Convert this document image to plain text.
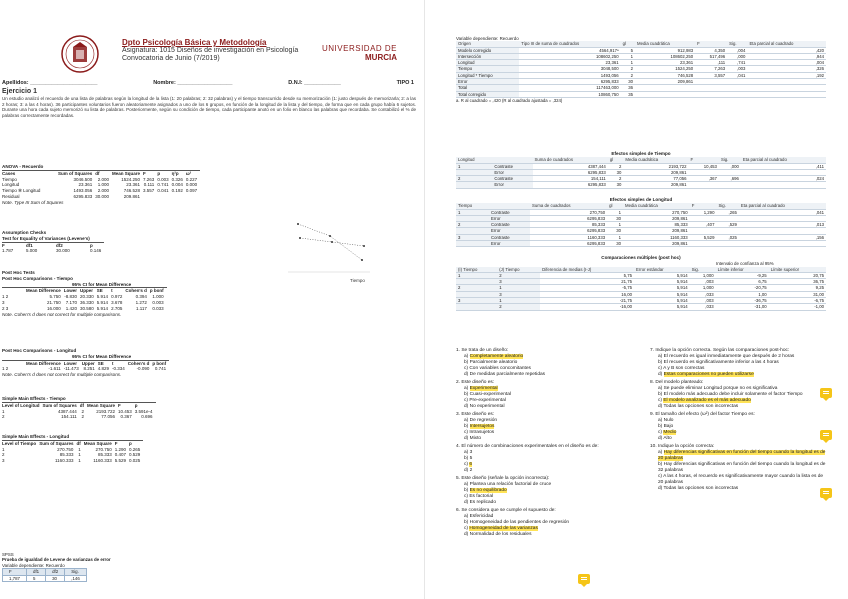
Dpto Psicología Básica y Metodología
Asignatura: 1015 Diseños de investigación en Psicología
Convocatoria de Junio (7/2019)
UNIVERSIDAD DE
MURCIA
Apellidos: ______________________	Nombre: __________________	D.N.I: ____________	TIPO 1
Ejercicio 1
Un estudio analizó el recuerdo de una lista de palabras según la longitud de la lista (1: 20 palabras; 2: 32 palabras) y el tiempo transcurrido desde su memorización (1: justo después de memorizarla; 2: a las 2 horas; 3: a las 4 horas). 36 participantes voluntarios fueron aleatoriamente asignados a uno de los 6 grupos, en función de la longitud de la lista y del tiempo, de forma que en cada grupo había 6 sujetos. Durante una hora cada sujeto memorizó su lista de palabras. Posteriormente, según su condición de tiempo, cada participante anotó en un folio en blanco las palabras que recordaba. Se contabilizó el % de palabras correctamente recordadas.
ANOVA - Recuerdo
Cases	Sum of Squares	df	Mean Square	F	p	η²p	ω²
Tiempo	3046.500	2.000	1524.250	7.263	0.003	0.326	0.227
Longitud	23.361	1.000	23.361	0.111	0.741	0.004	0.000
Tiempo ✻ Longitud	1493.056	2.000	746.528	3.557	0.041	0.192	0.097
Residual	6295.833	30.000	209.861				
Note. Type III Sum of Squares
Assumption Checks
Test for Equality of Variances (Levene's)
F	df1	df2	p
1.787	5.000	30.000	0.146
Post Hoc Tests
Post Hoc Comparisons - Tiempo
95% CI for Mean Difference
	Mean Difference	Lower	Upper	SE	t	Cohen's d	p bonf
1 2	5.750	-8.830	20.330	5.914	0.972	0.394	1.000
3	21.750	7.170	36.330	5.914	3.678	1.272	0.003
2 3	16.000	1.420	30.580	5.914	2.705	1.117	0.033
Note. Cohen's d does not correct for multiple comparisons.
Post Hoc Comparisons - Longitud
95% CI for Mean Difference
	Mean Difference	Lower	Upper	SE	t	Cohen's d	p bonf
1 2	-1.611	-11.473	8.251	4.829	-0.334	-0.090	0.741
Note. Cohen's d does not correct for multiple comparisons.
Simple Main Effects - Tiempo
Level of Longitud	Sum of Squares	df	Mean Square	F	p
1	4387.444	2	2193.722	10.453	3.591e-4
2	154.111	2	77.056	0.367	0.696
Simple Main Effects - Longitud
Level of Tiempo	Sum of Squares	df	Mean Square	F	p
1	270.750	1	270.750	1.290	0.265
2	85.333	1	85.333	0.407	0.529
3	1160.333	1	1160.333	5.529	0.025
Tiempo
SPSS
Prueba de igualdad de Levene de varianzas de error
Variable dependiente: Recuerdo
F	df1	df2	Sig.
1,787	5	30	,146
Variable dependiente: Recuerdo
Origen	Tipo III de suma de cuadrados	gl	Media cuadrática	F	Sig.	Eta parcial al cuadrado
Modelo corregido	4564,917ᵃ	5	912,983	4,350	,004	,420
Intersección	108602,250	1	108602,250	517,496	,000	,944
Longitud	23,361	1	23,361	,111	,741	,004
Tiempo	3048,500	2	1524,250	7,263	,003	,326
Longitud * Tiempo	1493,056	2	746,528	3,557	,041	,192
Error	6295,833	30	209,861			
Total	117463,000	36				
Total corregido	10860,750	35				
a. R al cuadrado = ,420 (R al cuadrado ajustada = ,324)
Efectos simples de Tiempo
Longitud		Suma de cuadrados	gl	Media cuadrática	F	Sig.	Eta parcial al cuadrado
1	Contraste	4387,444	2	2193,722	10,453	,000	,411
	Error	6295,833	30	209,861			
2	Contraste	154,111	2	77,056	,367	,696	,024
	Error	6295,833	30	209,861			
Efectos simples de Longitud
Tiempo		Suma de cuadrados	gl	Media cuadrática	F	Sig.	Eta parcial al cuadrado
1	Contraste	270,750	1	270,750	1,290	,265	,041
	Error	6295,833	30	209,861			
2	Contraste	85,333	1	85,333	,407	,529	,013
	Error	6295,833	30	209,861			
3	Contraste	1160,333	1	1160,333	5,529	,025	,156
	Error	6295,833	30	209,861			
Comparaciones múltiples (post hoc)
Intervalo de confianza al 95%
(I) Tiempo	(J) Tiempo	Diferencia de medias (I-J)	Error estándar	Sig.	Límite inferior	Límite superior
1	2	5,75	5,914	1,000	-9,25	20,75
	3	21,75	5,914	,003	6,75	36,75
2	1	-5,75	5,914	1,000	-20,75	9,25
	3	16,00	5,914	,033	1,00	31,00
3	1	-21,75	5,914	,003	-36,75	-6,75
	2	-16,00	5,914	,033	-31,00	-1,00
1. Se trata de un diseño:
a) Completamente aleatorio
b) Parcialmente aleatorio
c) Con variables concomitantes
d) De medidas parcialmente repetidas
2. Este diseño es:
a) Experimental
b) Cuasi-experimental
c) Pre-experimental
d) No experimental
3. Este diseño es:
a) De regresión
b) Intersujetos
c) Intrasujetos
d) Mixto
4. El número de combinaciones experimentales en el diseño es de:
a) 3
b) 5
c) 6
d) 2
5. Este diseño (señale la opción incorrecta):
a) Plantea una relación factorial de cruce
b) Es no equilibrado
c) Es factorial
d) Es replicado
6. Se considera que se cumple el supuesto de:
a) Esfericidad
b) Homogeneidad de las pendientes de regresión
c) Homogeneidad de las varianzas
d) Normalidad de los residuales
7. Indique la opción correcta. Según las comparaciones post-hoc:
a) El recuerdo es igual inmediatamente que después de 2 horas
b) El recuerdo es significativamente inferior a las 4 horas
c) A y B son correctas
d) Estas comparaciones no pueden utilizarse
8. Del modelo planteado:
a) Se puede eliminar Longitud porque no es significativa
b) El modelo más adecuado debe incluir solamente el factor Tiempo
c) El modelo analizado es el más adecuado
d) Todas las opciones son incorrectas
9. El tamaño del efecto (ω²) del factor Tiempo es:
a) Nulo
b) Bajo
c) Medio
d) Alto
10. Indique la opción correcta:
a) Hay diferencias significativas en función del tiempo cuando la longitud es de 20 palabras
b) Hay diferencias significativas en función del tiempo cuando la longitud es de 32 palabras
c) A las 4 horas, el recuerdo es significativamente mayor cuando la lista es de 20 palabras
d) Todas las opciones son incorrectas
